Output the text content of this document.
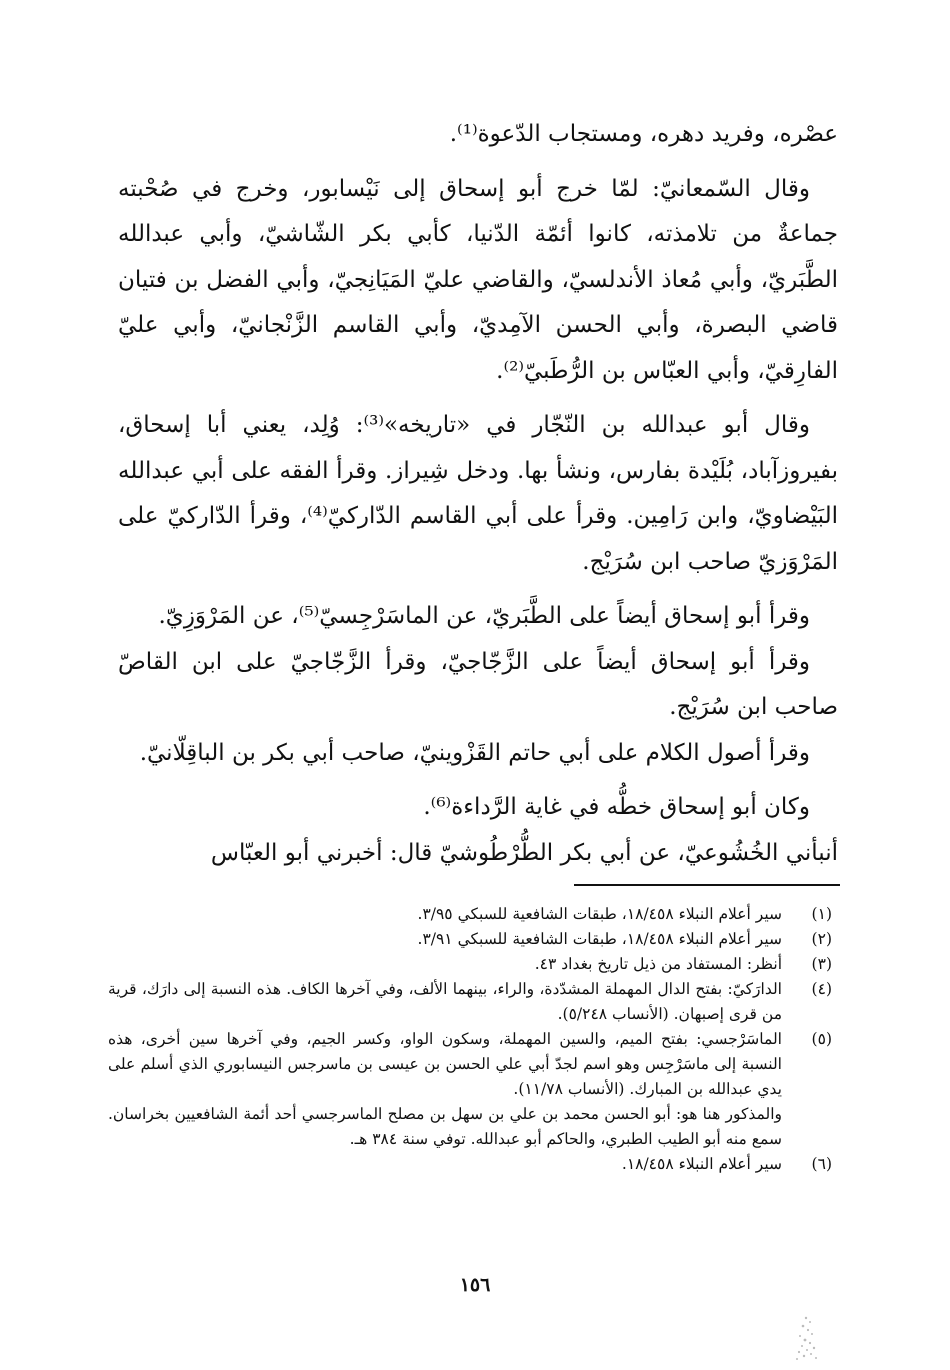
عصْره، وفريد دهره، ومستجاب الدّعوة⁽¹⁾.

وقال السّمعانيّ: لمّا خرج أبو إسحاق إلى نَيْسابور، وخرج في صُحْبته جماعةٌ من تلامذته، كانوا أئمّة الدّنيا، كأبي بكر الشّاشيّ، وأبي عبدالله الطَّبَريّ، وأبي مُعاذ الأندلسيّ، والقاضي عليّ المَيَانِجيّ، وأبي الفضل بن فتيان قاضي البصرة، وأبي الحسن الآمِديّ، وأبي القاسم الزَّنْجانيّ، وأبي عليّ الفارِقيّ، وأبي العبّاس بن الرُّطَبيّ⁽²⁾.

وقال أبو عبدالله بن النّجّار في «تاريخه»⁽³⁾: وُلِد، يعني أبا إسحاق، بفيروزآباد، بُلَيْدة بفارس، ونشأ بها. ودخل شِيراز. وقرأ الفقه على أبي عبدالله البَيْضاويّ، وابن رَامِين. وقرأ على أبي القاسم الدّاركيّ⁽⁴⁾، وقرأ الدّاركيّ على المَرْوَزيّ صاحب ابن سُرَيْج.

وقرأ أبو إسحاق أيضاً على الطَّبَريّ، عن الماسَرْجِسيّ⁽⁵⁾، عن المَرْوَزِيّ.

وقرأ أبو إسحاق أيضاً على الزَّجّاجيّ، وقرأ الزَّجّاجيّ على ابن القاصّ صاحب ابن سُرَيْج.

وقرأ أصول الكلام على أبي حاتم القَزْوينيّ، صاحب أبي بكر بن الباقِلّانيّ.

وكان أبو إسحاق خطُّه في غاية الرَّداءة⁽⁶⁾.

أنبأني الخُشُوعيّ، عن أبي بكر الطُّرْطُوشيّ قال: أخبرني أبو العبّاس

(١)
سير أعلام النبلاء ١٨/٤٥٨، طبقات الشافعية للسبكي ٣/٩٥.
(٢)
سير أعلام النبلاء ١٨/٤٥٨، طبقات الشافعية للسبكي ٣/٩١.
(٣)
أنظر: المستفاد من ذيل تاريخ بغداد ٤٣.
(٤)
الدارَكيّ: بفتح الدال المهملة المشدّدة، والراء، بينهما الألف، وفي آخرها الكاف. هذه النسبة إلى دارَك، قرية من قرى إصبهان. (الأنساب ٥/٢٤٨).
(٥)
الماسَرْجسي: بفتح الميم، والسين المهملة، وسكون الواو، وكسر الجيم، وفي آخرها سين أخرى، هذه النسبة إلى ماسَرْجِس وهو اسم لجدّ أبي علي الحسن بن عيسى بن ماسرجس النيسابوري الذي أسلم على يدي عبدالله بن المبارك. (الأنساب ١١/٧٨).
والمذكور هنا هو: أبو الحسن محمد بن علي بن سهل بن مصلح الماسرجسي أحد أئمة الشافعيين بخراسان. سمع منه أبو الطيب الطبري، والحاكم أبو عبدالله. توفي سنة ٣٨٤ هـ.
(٦)
سير أعلام النبلاء ١٨/٤٥٨.
١٥٦
